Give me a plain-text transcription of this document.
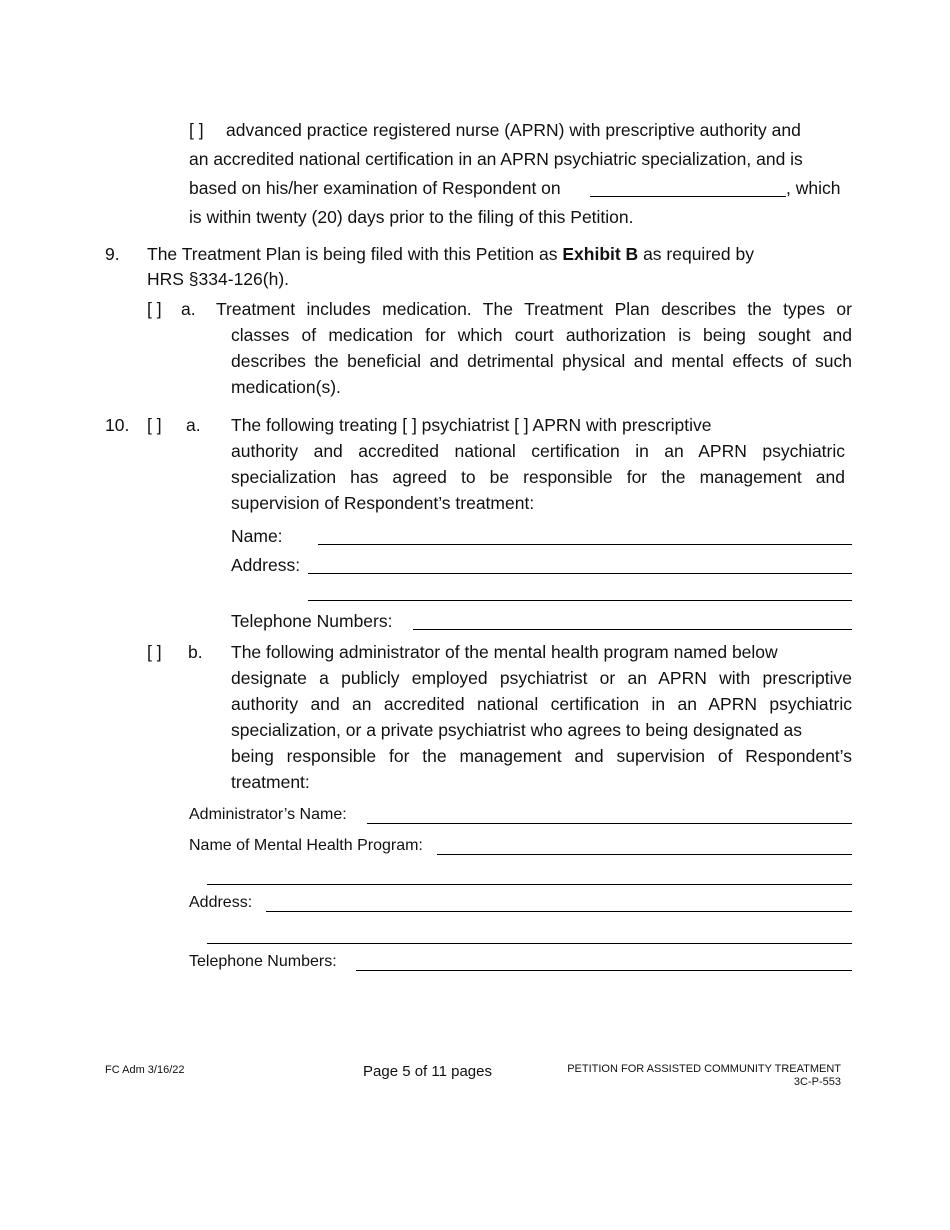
[ ] advanced practice registered nurse (APRN) with prescriptive authority and
an accredited national certification in an APRN psychiatric specialization, and is
based on his/her examination of Respondent on	, which
is within twenty (20) days prior to the filing of this Petition.
9. The Treatment Plan is being filed with this Petition as Exhibit B as required by
HRS §334-126(h).
[ ] a. Treatment includes medication. The Treatment Plan describes the types or
classes of medication for which court authorization is being sought and
describes the beneficial and detrimental physical and mental effects of such
medication(s).
10. [ ] a. The following treating [ ] psychiatrist [ ] APRN with prescriptive
authority and accredited national certification in an APRN psychiatric
specialization has agreed to be responsible for the management and
supervision of Respondent’s treatment:
Name:
Address:
Telephone Numbers:
[ ] b. The following administrator of the mental health program named below
designate a publicly employed psychiatrist or an APRN with prescriptive
authority and an accredited national certification in an APRN psychiatric
specialization, or a private psychiatrist who agrees to being designated as
being responsible for the management and supervision of Respondent’s
treatment:
Administrator’s Name:
Name of Mental Health Program:
Address:
Telephone Numbers:
FC Adm 3/16/22	Page 5 of 11 pages	PETITION FOR ASSISTED COMMUNITY TREATMENT
3C-P-553
